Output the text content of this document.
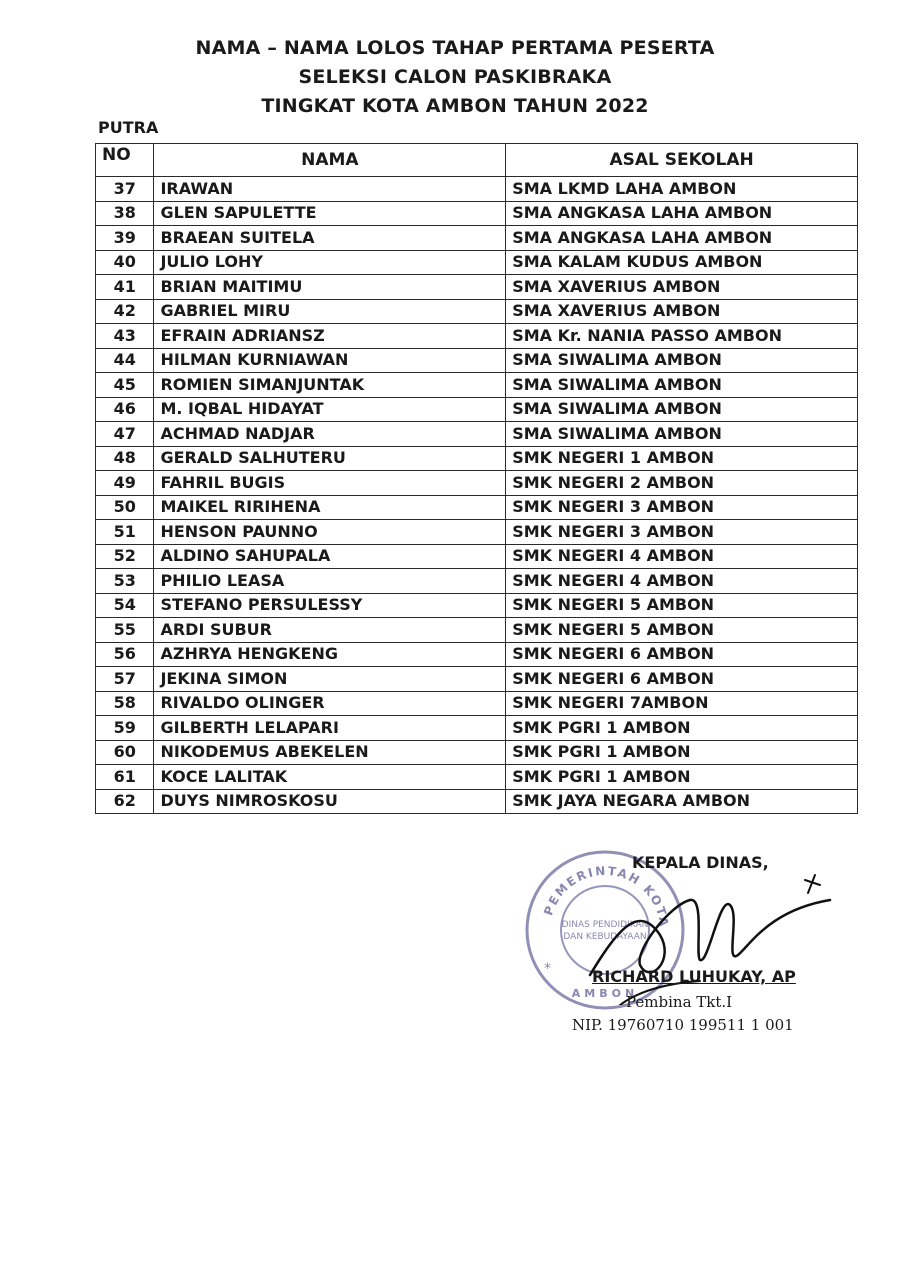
NAMA – NAMA LOLOS TAHAP PERTAMA PESERTA
SELEKSI CALON PASKIBRAKA
TINGKAT KOTA AMBON TAHUN 2022
PUTRA
NO	NAMA	ASAL SEKOLAH
37	IRAWAN	SMA LKMD LAHA AMBON
38	GLEN SAPULETTE	SMA ANGKASA LAHA AMBON
39	BRAEAN SUITELA	SMA ANGKASA LAHA AMBON
40	JULIO LOHY	SMA KALAM KUDUS AMBON
41	BRIAN MAITIMU	SMA XAVERIUS AMBON
42	GABRIEL MIRU	SMA XAVERIUS AMBON
43	EFRAIN ADRIANSZ	SMA Kr. NANIA PASSO AMBON
44	HILMAN KURNIAWAN	SMA SIWALIMA AMBON
45	ROMIEN SIMANJUNTAK	SMA SIWALIMA AMBON
46	M. IQBAL HIDAYAT	SMA SIWALIMA AMBON
47	ACHMAD NADJAR	SMA SIWALIMA AMBON
48	GERALD SALHUTERU	SMK NEGERI 1 AMBON
49	FAHRIL BUGIS	SMK NEGERI 2 AMBON
50	MAIKEL RIRIHENA	SMK NEGERI 3 AMBON
51	HENSON PAUNNO	SMK NEGERI 3 AMBON
52	ALDINO SAHUPALA	SMK NEGERI 4 AMBON
53	PHILIO LEASA	SMK NEGERI 4 AMBON
54	STEFANO PERSULESSY	SMK NEGERI 5 AMBON
55	ARDI SUBUR	SMK NEGERI 5 AMBON
56	AZHRYA HENGKENG	SMK NEGERI 6 AMBON
57	JEKINA SIMON	SMK NEGERI 6 AMBON
58	RIVALDO OLINGER	SMK NEGERI 7AMBON
59	GILBERTH LELAPARI	SMK PGRI 1 AMBON
60	NIKODEMUS ABEKELEN	SMK PGRI 1 AMBON
61	KOCE LALITAK	SMK PGRI 1 AMBON
62	DUYS NIMROSKOSU	SMK JAYA NEGARA AMBON
PEMERINTAH KOTA
DINAS PENDIDIKAN
DAN KEBUDAYAAN
AMBON
*
KEPALA DINAS,
RICHARD LUHUKAY, AP
Pembina Tkt.I
NIP. 19760710 199511 1 001
